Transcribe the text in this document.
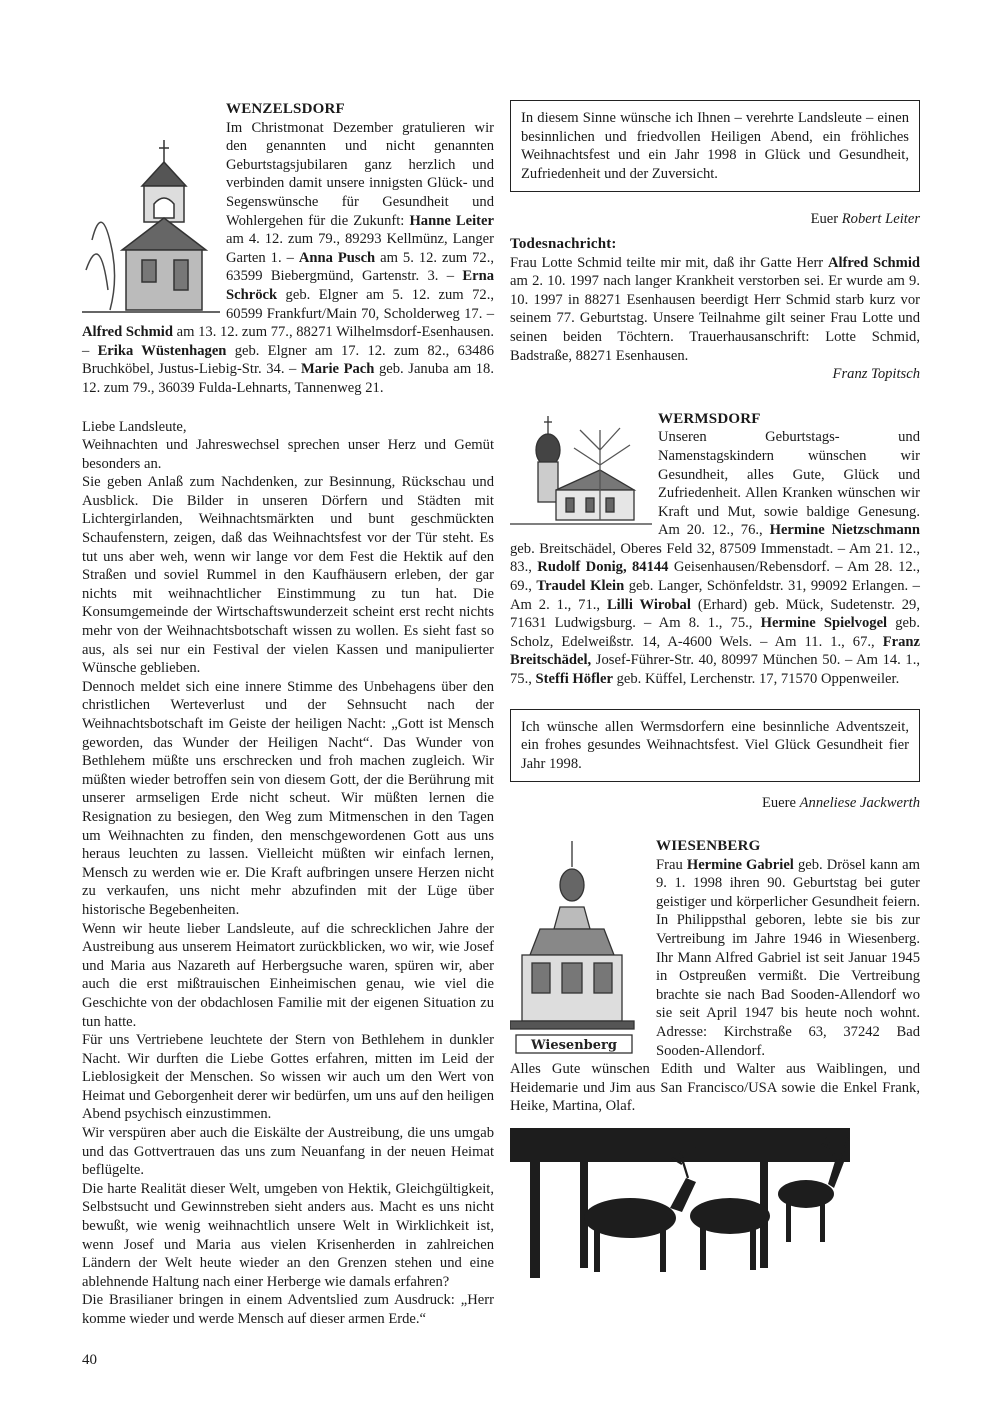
WENZELSDORF

Im Christmonat Dezember gratulieren wir den genannten und nicht genannten Geburtstagsjubilaren ganz herzlich und verbinden damit unsere innigsten Glück- und Segenswünsche für Gesundheit und Wohlergehen für die Zukunft: Hanne Leiter am 4. 12. zum 79., 89293 Kellmünz, Langer Garten 1. – Anna Pusch am 5. 12. zum 72., 63599 Biebergmünd, Gartenstr. 3. – Erna Schröck geb. Elgner am 5. 12. zum 72., 60599 Frankfurt/Main 70, Scholderweg 17. – Alfred Schmid am 13. 12. zum 77., 88271 Wilhelmsdorf-Esenhausen. – Erika Wüstenhagen geb. Elgner am 17. 12. zum 82., 63486 Bruchköbel, Justus-Liebig-Str. 34. – Marie Pach geb. Januba am 18. 12. zum 79., 36039 Fulda-Lehnarts, Tannenweg 21.

Liebe Landsleute,

Weihnachten und Jahreswechsel sprechen unser Herz und Gemüt besonders an.

Sie geben Anlaß zum Nachdenken, zur Besinnung, Rückschau und Ausblick. Die Bilder in unseren Dörfern und Städten mit Lichtergirlanden, Weihnachtsmärkten und bunt geschmückten Schaufenstern, zeigen, daß das Weihnachtsfest vor der Tür steht. Es tut uns aber weh, wenn wir lange vor dem Fest die Hektik auf den Straßen und soviel Rummel in den Kaufhäusern erleben, der gar nichts mit weihnachtlicher Einstimmung zu tun hat. Die Konsumgemeinde der Wirtschaftswunderzeit scheint erst recht nichts mehr von der Weihnachtsbotschaft wissen zu wollen. Es sieht fast so aus, als sei nur ein Festival der vielen Kassen und manipulierter Wünsche geblieben.

Dennoch meldet sich eine innere Stimme des Unbehagens über den christlichen Werteverlust und der Sehnsucht nach der Weihnachtsbotschaft im Geiste der heiligen Nacht: „Gott ist Mensch geworden, das Wunder der Heiligen Nacht“. Das Wunder von Bethlehem müßte uns erschrecken und froh machen zugleich. Wir müßten wieder betroffen sein von diesem Gott, der die Berührung mit unserer armseligen Erde nicht scheut. Wir müßten lernen die Resignation zu besiegen, den Weg zum Mitmenschen in den Tagen um Weihnachten zu finden, den menschgewordenen Gott aus uns heraus leuchten zu lassen. Vielleicht müßten wir einfach lernen, Mensch zu werden wie er. Die Kraft aufbringen unsere Herzen nicht zu verkaufen, uns nicht mehr abzufinden mit der Lüge über historische Begebenheiten.

Wenn wir heute lieber Landsleute, auf die schrecklichen Jahre der Austreibung aus unserem Heimatort zurückblicken, wo wir, wie Josef und Maria aus Nazareth auf Herbergsuche waren, spüren wir, aber auch die erst mißtrauischen Einheimischen genau, wie viel die Geschichte von der obdachlosen Familie mit der eigenen Situation zu tun hatte.

Für uns Vertriebene leuchtete der Stern von Bethlehem in dunkler Nacht. Wir durften die Liebe Gottes erfahren, mitten im Leid der Lieblosigkeit der Menschen. So wissen wir auch um den Wert von Heimat und Geborgenheit derer wir bedürfen, um uns auf den heiligen Abend psychisch einzustimmen.

Wir verspüren aber auch die Eiskälte der Austreibung, die uns umgab und das Gottvertrauen das uns zum Neuanfang in der neuen Heimat beflügelte.

Die harte Realität dieser Welt, umgeben von Hektik, Gleichgültigkeit, Selbstsucht und Gewinnstreben sieht anders aus. Macht es uns nicht bewußt, wie wenig weihnachtlich unsere Welt in Wirklichkeit ist, wenn Josef und Maria aus vielen Krisenherden in zahlreichen Ländern der Welt heute wieder an den Grenzen stehen und eine ablehnende Haltung nach einer Herberge wie damals erfahren?

Die Brasilianer bringen in einem Adventslied zum Ausdruck: „Herr komme wieder und werde Mensch auf dieser armen Erde.“

In diesem Sinne wünsche ich Ihnen – verehrte Landsleute – einen besinnlichen und friedvollen Heiligen Abend, ein fröhliches Weihnachtsfest und ein Jahr 1998 in Glück und Gesundheit, Zufriedenheit und der Zuversicht.

Euer Robert Leiter

Todesnachricht:

Frau Lotte Schmid teilte mir mit, daß ihr Gatte Herr Alfred Schmid am 2. 10. 1997 nach langer Krankheit verstorben sei. Er wurde am 9. 10. 1997 in 88271 Esenhausen beerdigt Herr Schmid starb kurz vor seinem 77. Geburtstag. Unsere Teilnahme gilt seiner Frau Lotte und seinen beiden Töchtern. Trauerhausanschrift: Lotte Schmid, Badstraße, 88271 Esenhausen.

Franz Topitsch

WERMSDORF

Unseren Geburtstags- und Namenstagskindern wünschen wir Gesundheit, alles Gute, Glück und Zufriedenheit. Allen Kranken wünschen wir Kraft und Mut, sowie baldige Genesung. Am 20. 12., 76., Hermine Nietzschmann geb. Breitschädel, Oberes Feld 32, 87509 Immenstadt. – Am 21. 12., 83., Rudolf Donig, 84144 Geisenhausen/Rebensdorf. – Am 28. 12., 69., Traudel Klein geb. Langer, Schönfeldstr. 31, 99092 Erlangen. – Am 2. 1., 71., Lilli Wirobal (Erhard) geb. Mück, Sudetenstr. 29, 71631 Ludwigsburg. – Am 8. 1., 75., Hermine Spielvogel geb. Scholz, Edelweißstr. 14, A-4600 Wels. – Am 11. 1., 67., Franz Breitschädel, Josef-Führer-Str. 40, 80997 München 50. – Am 14. 1., 75., Steffi Höfler geb. Küffel, Lerchenstr. 17, 71570 Oppenweiler.

Ich wünsche allen Wermsdorfern eine besinnliche Adventszeit, ein frohes gesundes Weihnachtsfest. Viel Glück Gesundheit fier Jahr 1998.

Euere Anneliese Jackwerth

Wiesenberg

WIESENBERG

Frau Hermine Gabriel geb. Drösel kann am 9. 1. 1998 ihren 90. Geburtstag bei guter geistiger und körperlicher Gesundheit feiern. In Philippsthal geboren, lebte sie bis zur Vertreibung im Jahre 1946 in Wiesenberg. Ihr Mann Alfred Gabriel ist seit Januar 1945 in Ostpreußen vermißt. Die Vertreibung brachte sie nach Bad Sooden-Allendorf wo sie seit April 1947 bis heute noch wohnt. Adresse: Kirchstraße 63, 37242 Bad Sooden-Allendorf.

Alles Gute wünschen Edith und Walter aus Waiblingen, und Heidemarie und Jim aus San Francisco/USA sowie die Enkel Frank, Heike, Martina, Olaf.

40
